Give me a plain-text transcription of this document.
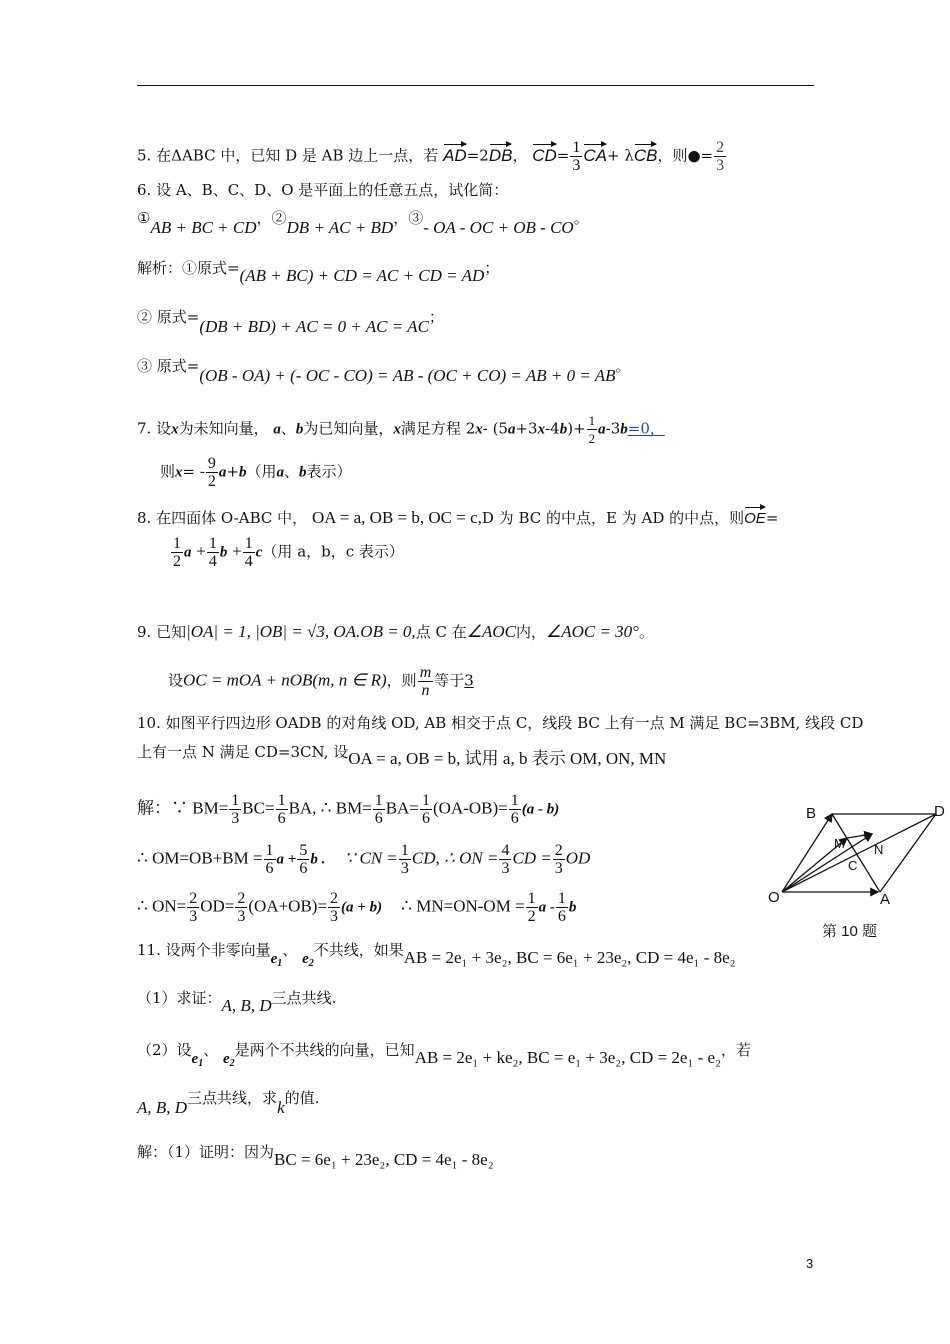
5. 在ΔABC 中，已知 D 是 AB 边上一点，若 AD=2DB， $CD= \frac{1}{3} CA+ \lambda CB$，则●= $\frac{2}{3}$
6. 设 A、B、C、D、O 是平面上的任意五点，试化简：
①AB + BC + CD，②DB + AC + BD，③- OA - OC + OB - CO。
解析：①原式=(AB + BC) + CD = AC + CD = AD；
② 原式=(DB + BD) + AC = 0 + AC = AC；
③ 原式=(OB - OA) + (- OC - CO) = AB - (OC + CO) = AB + 0 = AB。
7. 设x为未知向量， a、b为已知向量，x满足方程 2x- $(5a+3x-4b)+ \frac{1}{2} a-3b=0$，
则$x= - \frac{9}{2} a+b$（用a、b表示）
8. 在四面体 O-ABC 中， OA = a, OB = b, OC = c,D 为 BC 的中点，E 为 AD 的中点，则OE=
$\frac{1}{2}$ $a + \frac{1}{4}$ $b + \frac{1}{4} c$（用 a，b，c 表示）
9. 已知|OA| = 1, |OB| = √3, OA.OB = 0,点 C 在∠AOC内，∠AOC = 30°。
设OC = mOA + nOB(m, n ∈ R)，则 $\frac{m}{n}$ 等于3
10. 如图平行四边形 OADB 的对角线 OD, AB 相交于点 C，线段 BC 上有一点 M 满足 BC=3BM, 线段 CD
上有一点 N 满足 CD=3CN, 设OA = a, OB = b, 试用 a, b 表示 OM, ON, MN
解：∵ $BM= \frac{1}{3} BC= \frac{1}{6}$ BA, ∴ $BM= \frac{1}{6} BA= \frac{1}{6} (OA-OB)= \frac{1}{6} (a - b)$
∴ $OM=OB+BM = \frac{1}{6}$ $a + \frac{5}{6}$ b . ∵ CN = $\frac{1}{3}$ CD, ∴ ON = $\frac{4}{3}$ CD = $\frac{2}{3}$ OD
∴ $ON= \frac{2}{3} OD= \frac{2}{3} (OA+OB)= \frac{2}{3} (a + b)$ ∴ $MN=ON-OM = \frac{1}{2}$ a - $\frac{1}{6}$ b
B	D
M N
C
O	A
第 10 题
11. 设两个非零向量$e_1$、 $e_2$不共线，如果AB = 2e₁ + 3e₂, BC = 6e₁ + 23e₂, CD = 4e₁ - 8e₂
（1）求证：A, B, D三点共线.
（2）设$e_1$、 $e_2$是两个不共线的向量，已知AB = 2e₁ + ke₂, BC = e₁ + 3e₂, CD = 2e₁ - e₂，若
A, B, D三点共线，求k的值.
解：（1）证明：因为BC = 6e₁ + 23e₂, CD = 4e₁ - 8e₂
3
